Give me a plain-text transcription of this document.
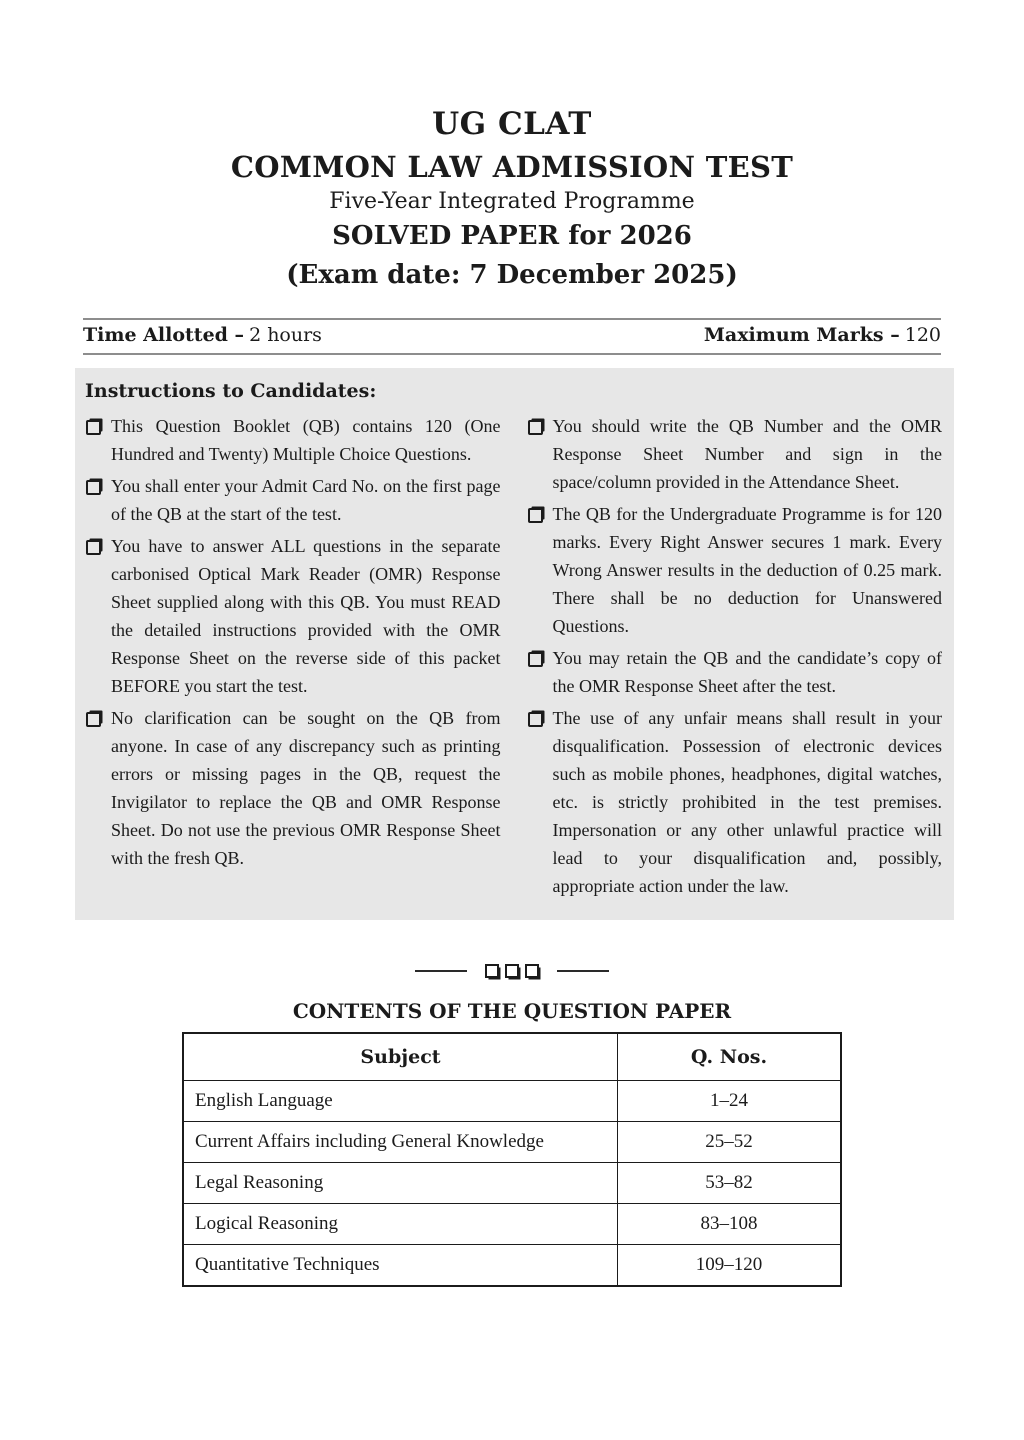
UG CLAT
COMMON LAW ADMISSION TEST
Five-Year Integrated Programme
SOLVED PAPER for 2026
(Exam date: 7 December 2025)
Time Allotted – 2 hours	Maximum Marks – 120
Instructions to Candidates:
This Question Booklet (QB) contains 120 (One Hundred and Twenty) Multiple Choice Questions.
You shall enter your Admit Card No. on the first page of the QB at the start of the test.
You have to answer ALL questions in the separate carbonised Optical Mark Reader (OMR) Response Sheet supplied along with this QB. You must READ the detailed instructions provided with the OMR Response Sheet on the reverse side of this packet BEFORE you start the test.
No clarification can be sought on the QB from anyone. In case of any discrepancy such as printing errors or missing pages in the QB, request the Invigilator to replace the QB and OMR Response Sheet. Do not use the previous OMR Response Sheet with the fresh QB.
You should write the QB Number and the OMR Response Sheet Number and sign in the space/column provided in the Attendance Sheet.
The QB for the Undergraduate Programme is for 120 marks. Every Right Answer secures 1 mark. Every Wrong Answer results in the deduction of 0.25 mark. There shall be no deduction for Unanswered Questions.
You may retain the QB and the candidate’s copy of the OMR Response Sheet after the test.
The use of any unfair means shall result in your disqualification. Possession of electronic devices such as mobile phones, headphones, digital watches, etc. is strictly prohibited in the test premises. Impersonation or any other unlawful practice will lead to your disqualification and, possibly, appropriate action under the law.
CONTENTS OF THE QUESTION PAPER
Subject	Q. Nos.
English Language	1–24
Current Affairs including General Knowledge	25–52
Legal Reasoning	53–82
Logical Reasoning	83–108
Quantitative Techniques	109–120
